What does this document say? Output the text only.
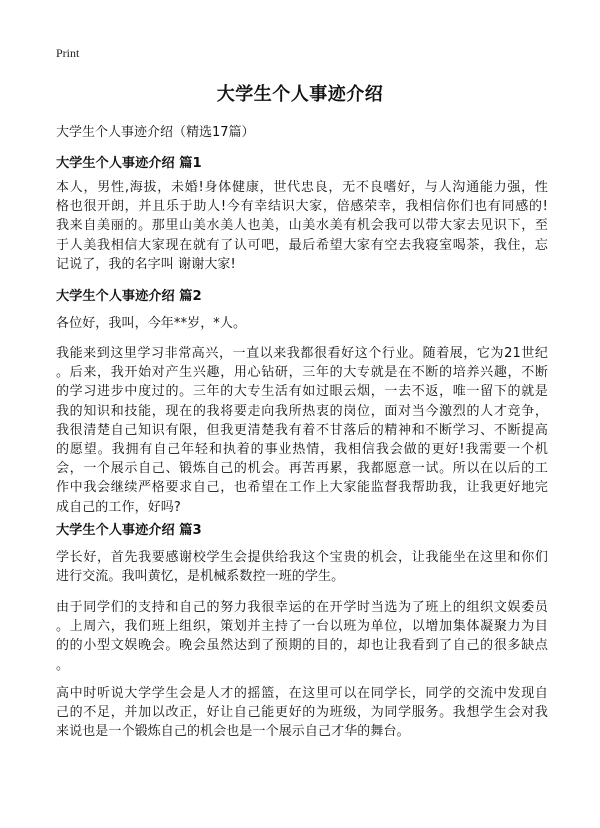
Print
大学生个人事迹介绍
大学生个人事迹介绍（精选17篇）
大学生个人事迹介绍 篇1
本人，男性,海拔，未婚!身体健康，世代忠良，无不良嗜好，与人沟通能力强，性
格也很开朗，并且乐于助人!今有幸结识大家，倍感荣幸，我相信你们也有同感的!
我来自美丽的。那里山美水美人也美，山美水美有机会我可以带大家去见识下，至
于人美我相信大家现在就有了认可吧，最后希望大家有空去我寝室喝茶，我住，忘
记说了，我的名字叫 谢谢大家!
大学生个人事迹介绍 篇2
各位好，我叫，今年**岁，*人。
我能来到这里学习非常高兴，一直以来我都很看好这个行业。随着展，它为21世纪
。后来，我开始对产生兴趣，用心钻研，三年的大专就是在不断的培养兴趣，不断
的学习进步中度过的。三年的大专生活有如过眼云烟，一去不返，唯一留下的就是
我的知识和技能，现在的我将要走向我所热衷的岗位，面对当今激烈的人才竞争，
我很清楚自己知识有限，但我更清楚我有着不甘落后的精神和不断学习、不断提高
的愿望。我拥有自己年轻和执着的事业热情，我相信我会做的更好!我需要一个机
会，一个展示自己、锻炼自己的机会。再苦再累，我都愿意一试。所以在以后的工
作中我会继续严格要求自己，也希望在工作上大家能监督我帮助我，让我更好地完
成自己的工作，好吗?
大学生个人事迹介绍 篇3
学长好，首先我要感谢校学生会提供给我这个宝贵的机会，让我能坐在这里和你们
进行交流。我叫黄忆，是机械系数控一班的学生。
由于同学们的支持和自己的努力我很幸运的在开学时当选为了班上的组织文娱委员
。上周六，我们班上组织，策划并主持了一台以班为单位，以增加集体凝聚力为目
的的小型文娱晚会。晚会虽然达到了预期的目的，却也让我看到了自己的很多缺点
。
高中时听说大学学生会是人才的摇篮，在这里可以在同学长，同学的交流中发现自
己的不足，并加以改正，好让自己能更好的为班级，为同学服务。我想学生会对我
来说也是一个锻炼自己的机会也是一个展示自己才华的舞台。
